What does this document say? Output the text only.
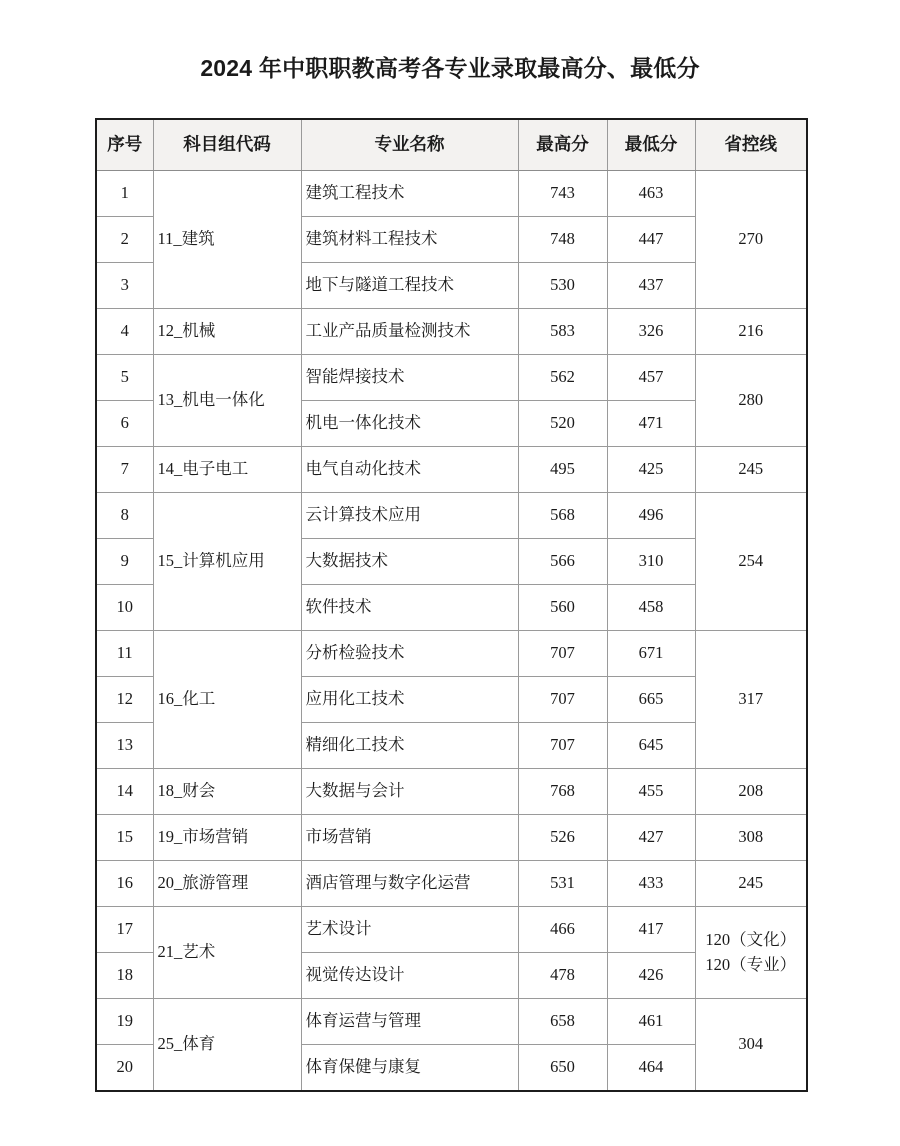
2024 年中职职教高考各专业录取最高分、最低分
序号	科目组代码	专业名称	最高分	最低分	省控线
1	11_建筑	建筑工程技术	743	463	270
2		建筑材料工程技术	748	447	
3		地下与隧道工程技术	530	437	
4	12_机械	工业产品质量检测技术	583	326	216
5	13_机电一体化	智能焊接技术	562	457	280
6		机电一体化技术	520	471	
7	14_电子电工	电气自动化技术	495	425	245
8	15_计算机应用	云计算技术应用	568	496	254
9		大数据技术	566	310	
10		软件技术	560	458	
11	16_化工	分析检验技术	707	671	317
12		应用化工技术	707	665	
13		精细化工技术	707	645	
14	18_财会	大数据与会计	768	455	208
15	19_市场营销	市场营销	526	427	308
16	20_旅游管理	酒店管理与数字化运营	531	433	245
17	21_艺术	艺术设计	466	417	120（文化）
120（专业）

18		视觉传达设计	478	426	
19	25_体育	体育运营与管理	658	461	304
20		体育保健与康复	650	464	
